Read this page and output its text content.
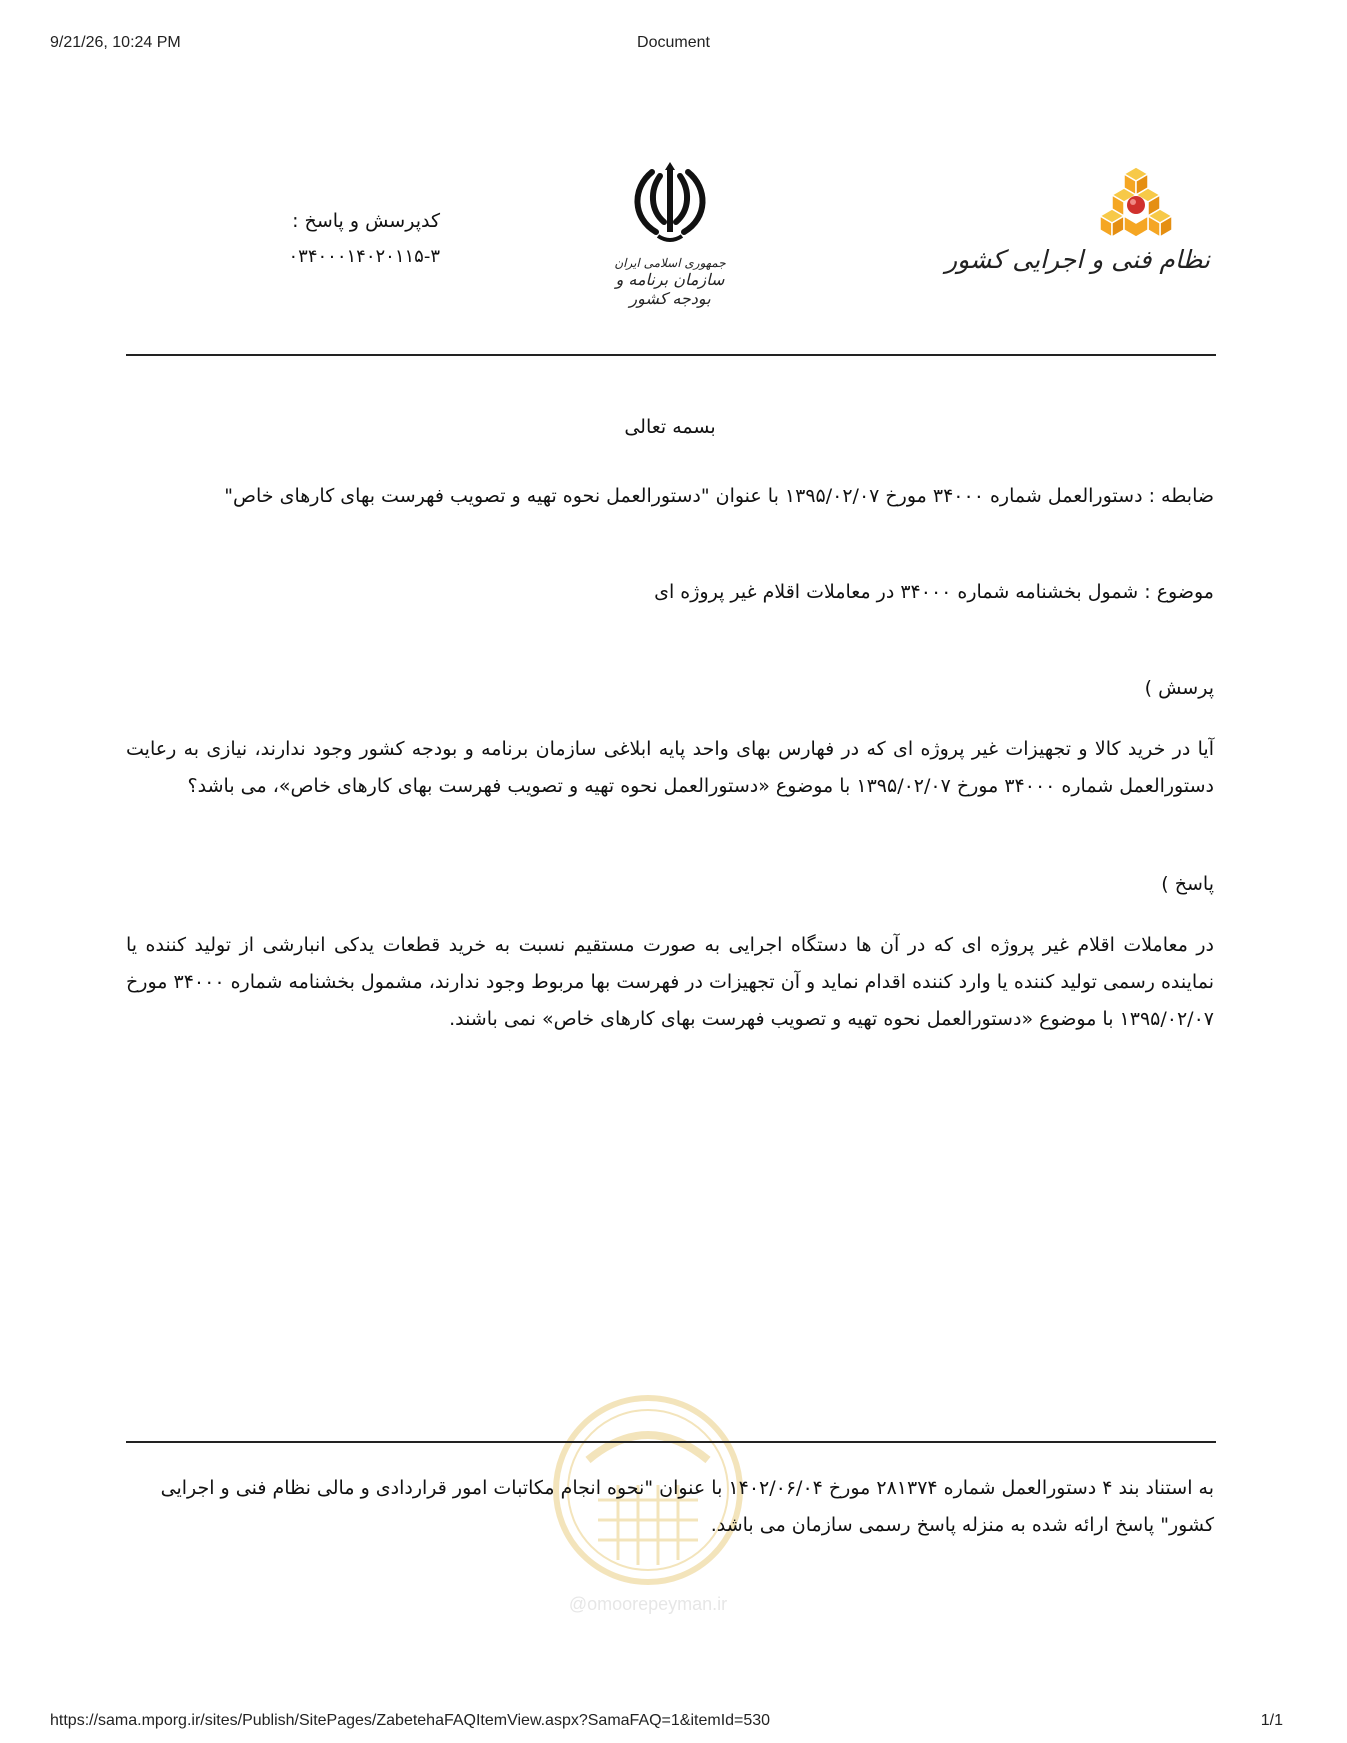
9/21/26, 10:24 PM	Document
نظام فنی و اجرایی کشور
جمهوری اسلامی ایران
سازمان برنامه و بودجه کشور
کدپرسش و پاسخ :
۰۳۴۰۰۰۱۴۰۲۰۱۱۵-۳
بسمه تعالی
ضابطه : دستورالعمل شماره ۳۴۰۰۰ مورخ ۱۳۹۵/۰۲/۰۷ با عنوان "دستورالعمل نحوه تهیه و تصویب فهرست بهای کارهای خاص"
موضوع : شمول بخشنامه شماره ۳۴۰۰۰ در معاملات اقلام غیر پروژه ای
پرسش )
آیا در خرید کالا و تجهیزات غیر پروژه ای که در فهارس بهای واحد پایه ابلاغی سازمان برنامه و بودجه کشور وجود ندارند، نیازی به رعایت دستورالعمل شماره ۳۴۰۰۰ مورخ ۱۳۹۵/۰۲/۰۷ با موضوع «دستورالعمل نحوه تهیه و تصویب فهرست بهای کارهای خاص»، می باشد؟
پاسخ )
در معاملات اقلام غیر پروژه ای که در آن ها دستگاه اجرایی به صورت مستقیم نسبت به خرید قطعات یدکی انبارشی از تولید کننده یا نماینده رسمی تولید کننده یا وارد کننده اقدام نماید و آن تجهیزات در فهرست بها مربوط وجود ندارند، مشمول بخشنامه شماره ۳۴۰۰۰ مورخ ۱۳۹۵/۰۲/۰۷ با موضوع «دستورالعمل نحوه تهیه و تصویب فهرست بهای کارهای خاص» نمی باشند.
@omoorepeyman.ir
به استناد بند ۴ دستورالعمل شماره ۲۸۱۳۷۴ مورخ ۱۴۰۲/۰۶/۰۴ با عنوان "نحوه انجام مکاتبات امور قراردادی و مالی نظام فنی و اجرایی کشور" پاسخ ارائه شده به منزله پاسخ رسمی سازمان می باشد.
https://sama.mporg.ir/sites/Publish/SitePages/ZabetehaFAQItemView.aspx?SamaFAQ=1&itemId=530	1/1
